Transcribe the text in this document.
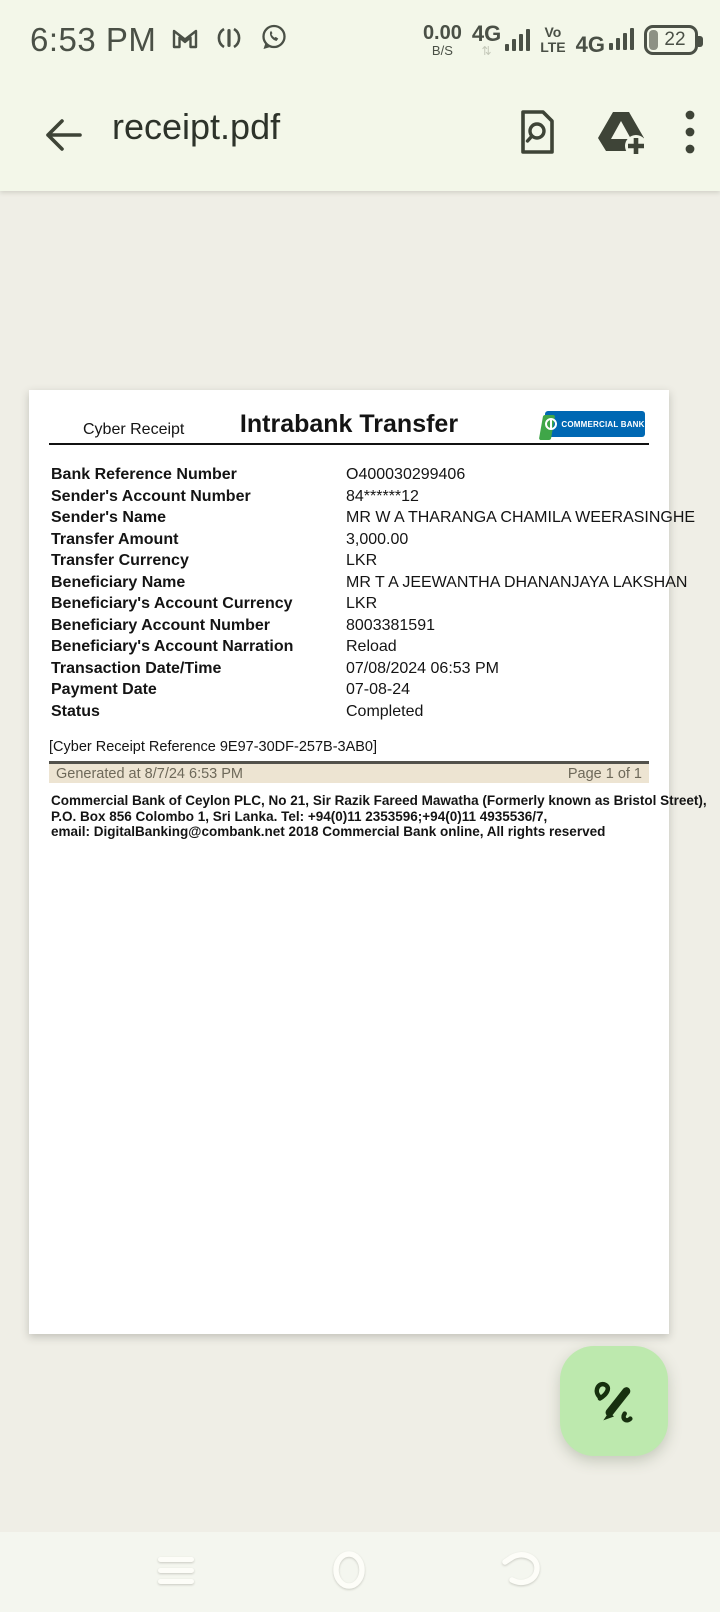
6:53 PM	0.00
B/S
4G
⇅
Vo
LTE 4G	22
receipt.pdf
Cyber Receipt	Intrabank Transfer	COMMERCIAL BANK
Bank Reference Number	O400030299406
Sender's Account Number	84******12
Sender's Name	MR W A THARANGA CHAMILA WEERASINGHE
Transfer Amount	3,000.00
Transfer Currency	LKR
Beneficiary Name	MR T A JEEWANTHA DHANANJAYA LAKSHAN
Beneficiary's Account Currency	LKR
Beneficiary Account Number	8003381591
Beneficiary's Account Narration	Reload
Transaction Date/Time	07/08/2024 06:53 PM
Payment Date	07-08-24
Status	Completed
[Cyber Receipt Reference 9E97-30DF-257B-3AB0]
Generated at 8/7/24 6:53 PM	Page 1 of 1
Commercial Bank of Ceylon PLC, No 21, Sir Razik Fareed Mawatha (Formerly known as Bristol Street),
P.O. Box 856 Colombo 1, Sri Lanka. Tel: +94(0)11 2353596;+94(0)11 4935536/7,
email: DigitalBanking@combank.net 2018 Commercial Bank online, All rights reserved
